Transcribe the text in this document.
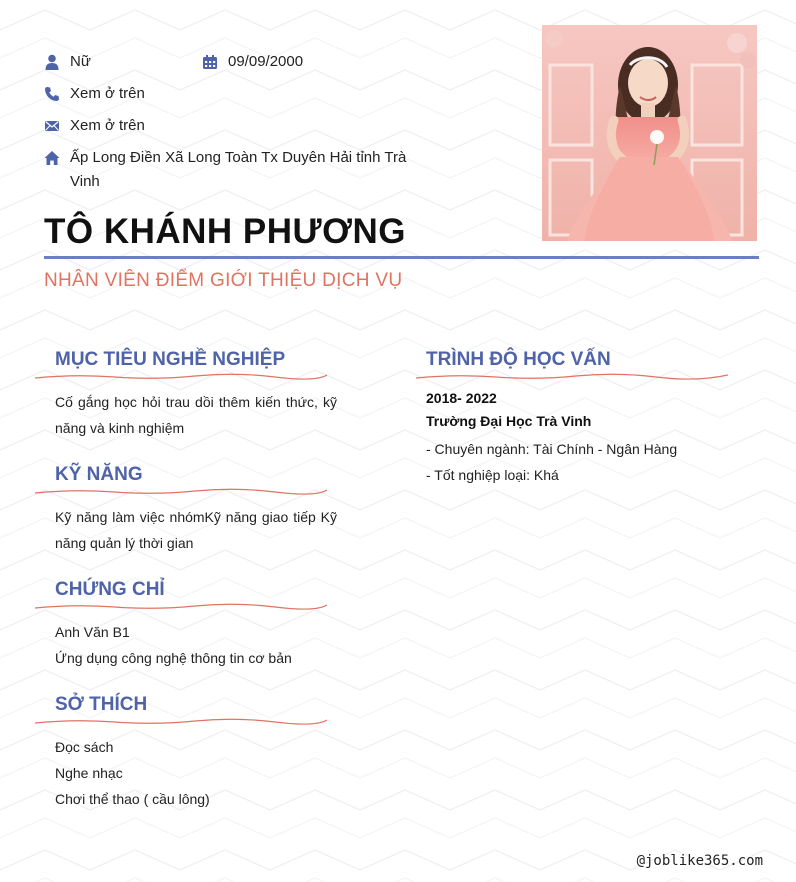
Nữ	09/09/2000
Xem ở trên
Xem ở trên
Ấp Long Điền Xã Long Toàn Tx Duyên Hải tỉnh Trà Vinh
TÔ KHÁNH PHƯƠNG
NHÂN VIÊN ĐIỂM GIỚI THIỆU DỊCH VỤ
MỤC TIÊU NGHỀ NGHIỆP
Cố gắng học hỏi trau dồi thêm kiến thức, kỹ năng và kinh nghiệm
KỸ NĂNG
Kỹ năng làm việc nhómKỹ năng giao tiếp Kỹ năng quản lý thời gian
CHỨNG CHỈ
Anh Văn B1
Ứng dụng công nghệ thông tin cơ bản
SỞ THÍCH
Đọc sách
Nghe nhạc
Chơi thể thao ( cầu lông)
TRÌNH ĐỘ HỌC VẤN
2018- 2022
Trường Đại Học Trà Vinh
- Chuyên ngành: Tài Chính - Ngân Hàng
- Tốt nghiệp loại: Khá
@joblike365.com
